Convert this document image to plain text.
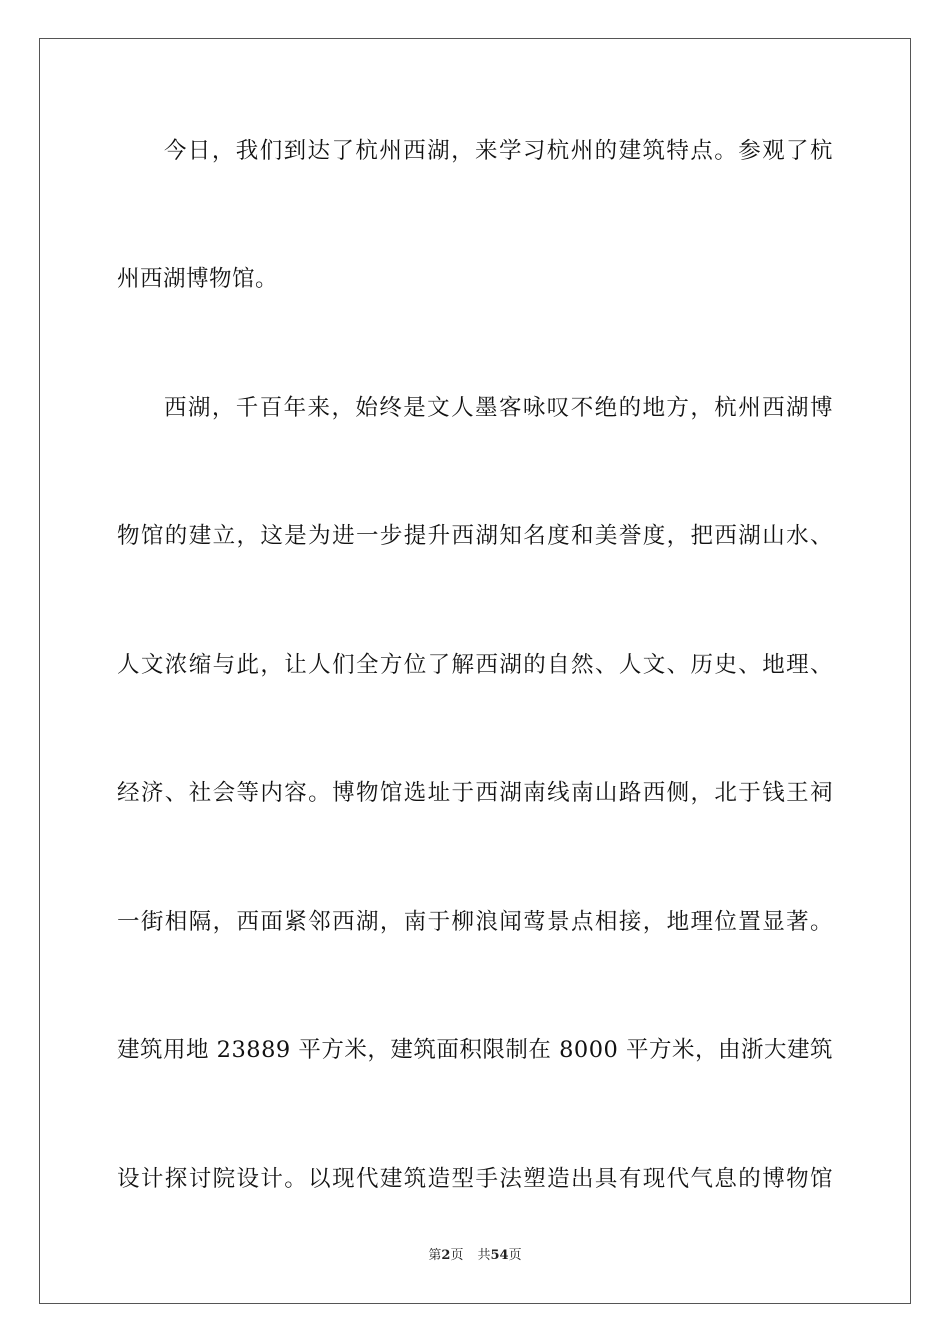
今日，我们到达了杭州西湖，来学习杭州的建筑特点。参观了杭
州西湖博物馆。
西湖，千百年来，始终是文人墨客咏叹不绝的地方，杭州西湖博
物馆的建立，这是为进一步提升西湖知名度和美誉度，把西湖山水、
人文浓缩与此，让人们全方位了解西湖的自然、人文、历史、地理、
经济、社会等内容。博物馆选址于西湖南线南山路西侧，北于钱王祠
一街相隔，西面紧邻西湖，南于柳浪闻莺景点相接，地理位置显著。
建筑用地 23889 平方米，建筑面积限制在 8000 平方米，由浙大建筑
设计探讨院设计。以现代建筑造型手法塑造出具有现代气息的博物馆
第2页 共54页
